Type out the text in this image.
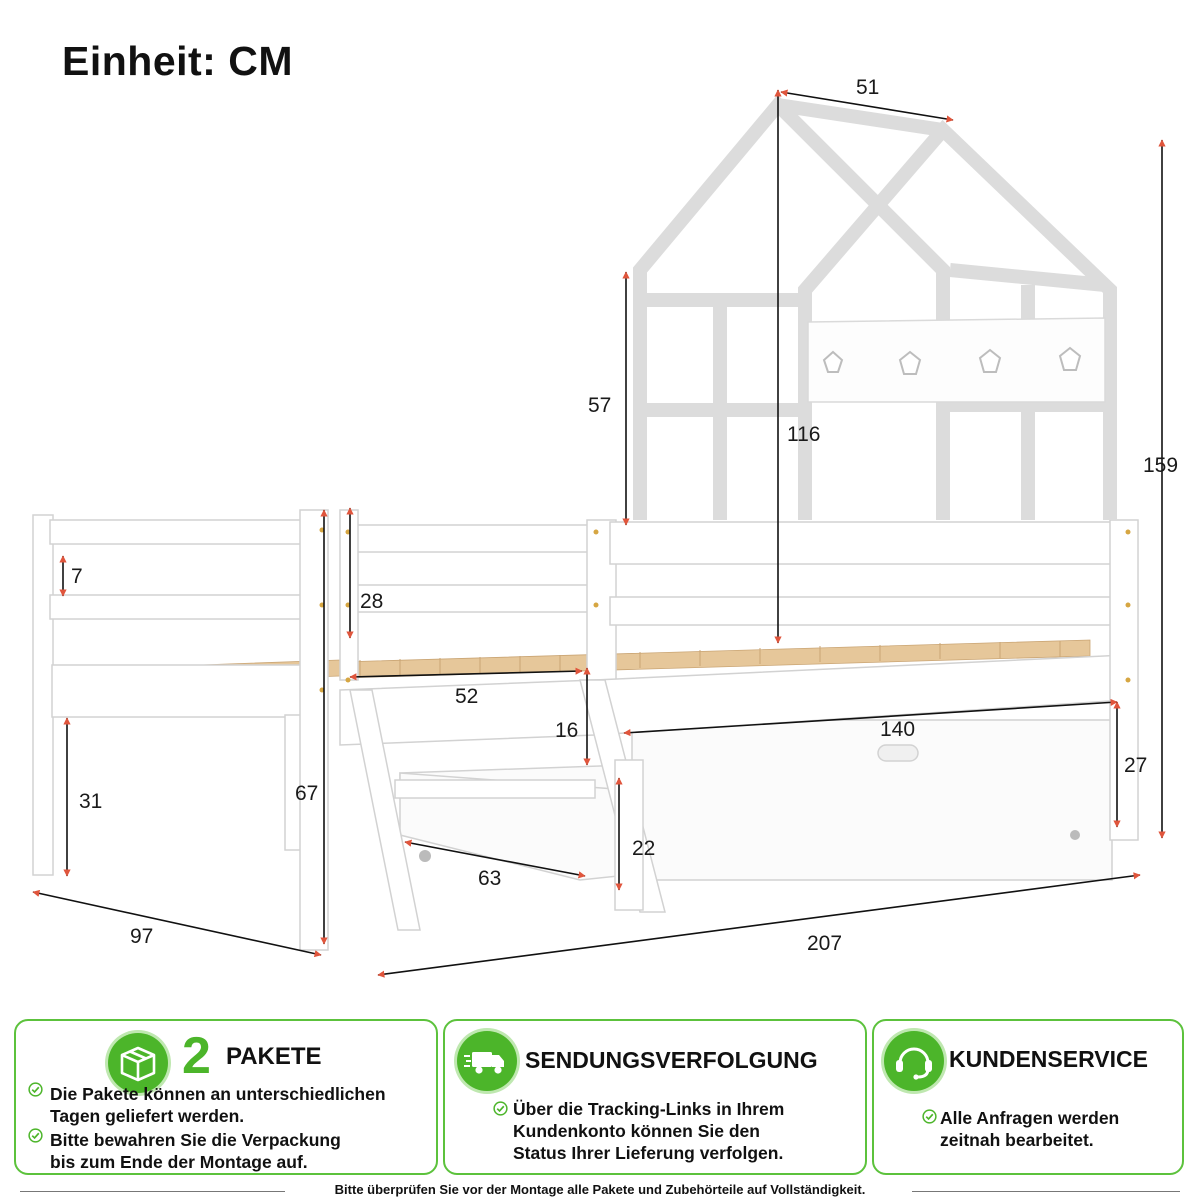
Einheit: CM
51
57
116
159
7
28
31	67
52
16	140
27
22
63
97	207
2 PAKETE
Die Pakete können an unterschiedlichen
Tagen geliefert werden.
Bitte bewahren Sie die Verpackung
bis zum Ende der Montage auf.
SENDUNGSVERFOLGUNG
Über die Tracking-Links in Ihrem
Kundenkonto können Sie den
Status Ihrer Lieferung verfolgen.
KUNDENSERVICE
Alle Anfragen werden
zeitnah bearbeitet.
Bitte überprüfen Sie vor der Montage alle Pakete und Zubehörteile auf Vollständigkeit.
